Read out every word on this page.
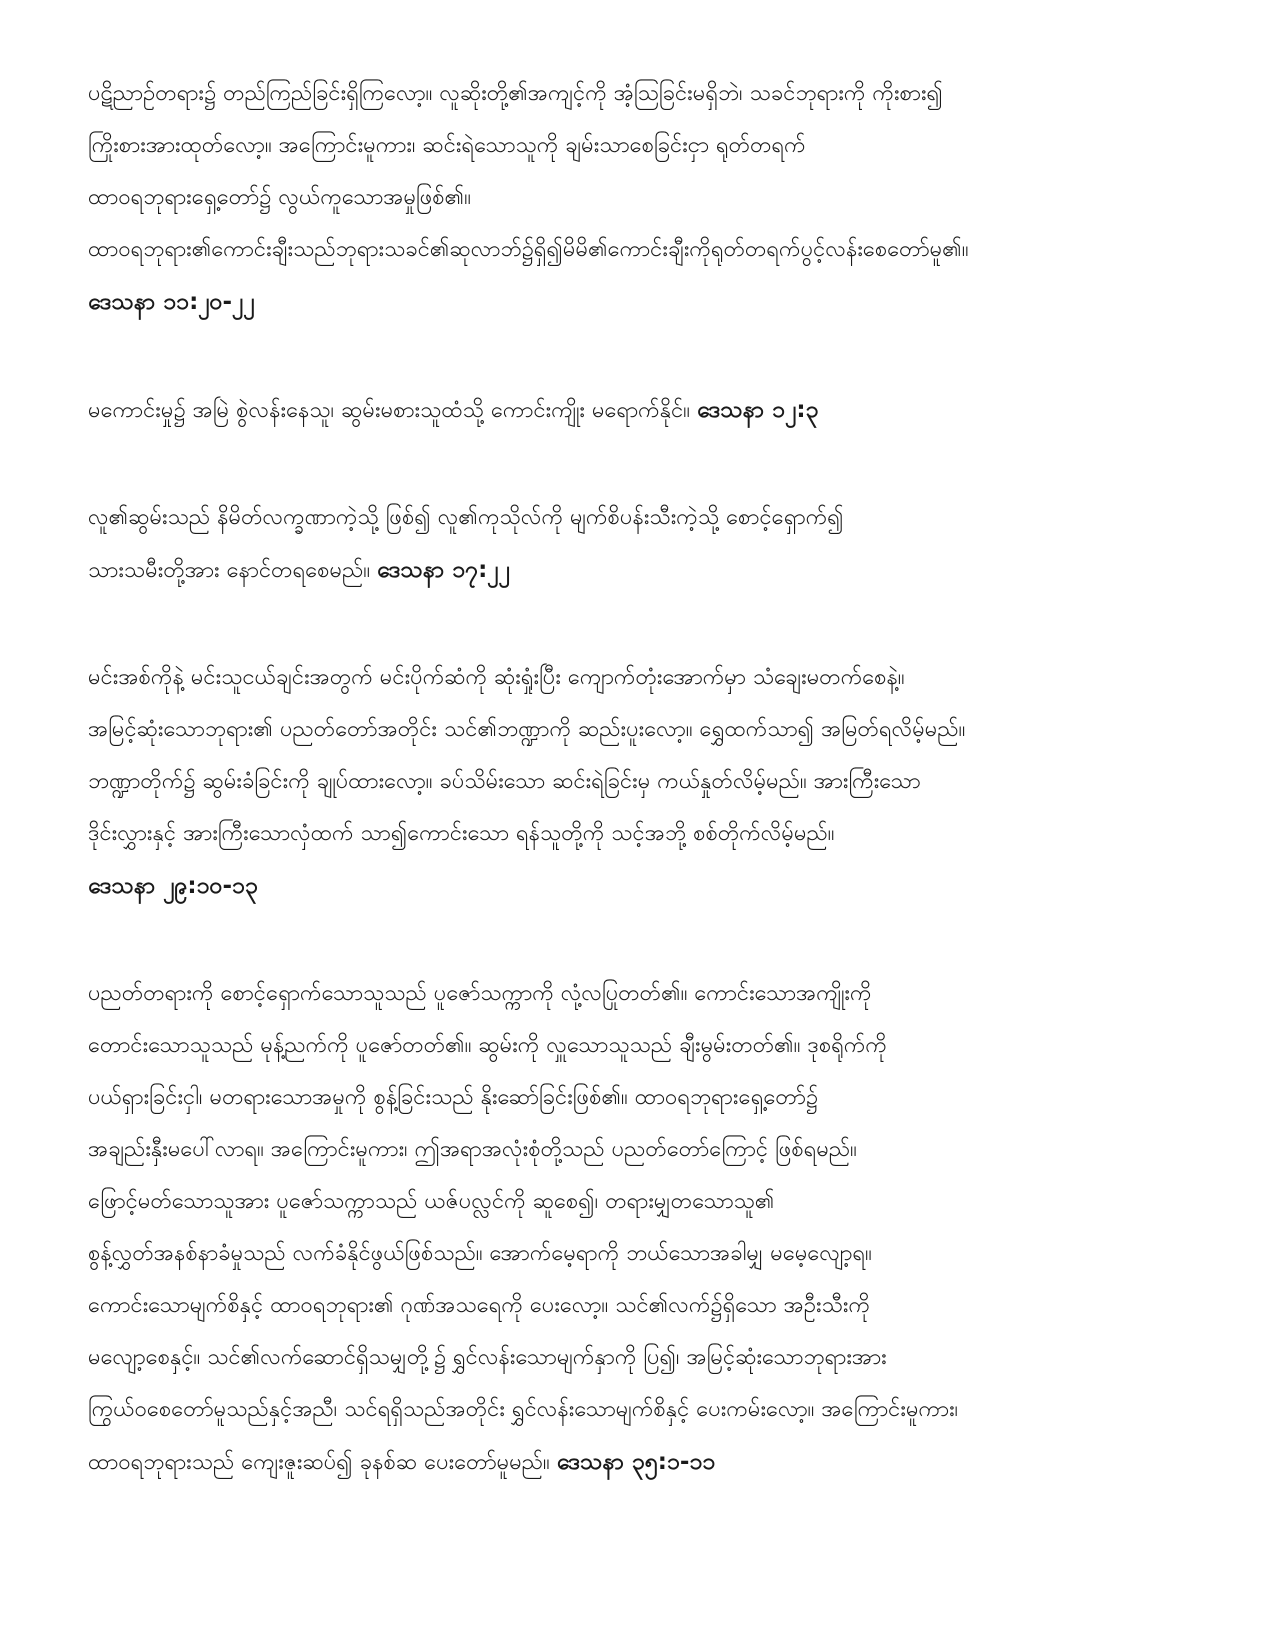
ပဋိညာဉ်တရား၌ တည်ကြည်ခြင်းရှိကြလော့။ လူဆိုးတို့၏အကျင့်ကို အံ့ဩခြင်းမရှိဘဲ၊ သခင်ဘုရားကို ကိုးစား၍
ကြိုးစားအားထုတ်လော့။ အကြောင်းမူကား၊ ဆင်းရဲသောသူကို ချမ်းသာစေခြင်းငှာ ရုတ်တရက်
ထာဝရဘုရားရှေ့တော်၌ လွယ်ကူသောအမှုဖြစ်၏။
ထာဝရဘုရား၏ကောင်းချီးသည်ဘုရားသခင်၏ဆုလာဘ်၌ရှိ၍မိမိ၏ကောင်းချီးကိုရုတ်တရက်ပွင့်လန်းစေတော်မူ၏။
ဒေသနာ ၁၁:၂၀-၂၂
မကောင်းမှု၌ အမြဲ စွဲလန်းနေသူ၊ ဆွမ်းမစားသူထံသို့ ကောင်းကျိုး မရောက်နိုင်။ ဒေသနာ ၁၂:၃
လူ၏ဆွမ်းသည် နိမိတ်လက္ခဏာကဲ့သို့ ဖြစ်၍ လူ၏ကုသိုလ်ကို မျက်စိပန်းသီးကဲ့သို့ စောင့်ရှောက်၍
သားသမီးတို့အား နောင်တရစေမည်။ ဒေသနာ ၁၇:၂၂
မင်းအစ်ကိုနဲ့ မင်းသူငယ်ချင်းအတွက် မင်းပိုက်ဆံကို ဆုံးရှုံးပြီး ကျောက်တုံးအောက်မှာ သံချေးမတက်စေနဲ့။
အမြင့်ဆုံးသောဘုရား၏ ပညတ်တော်အတိုင်း သင်၏ဘဏ္ဍာကို ဆည်းပူးလော့။ ရွှေထက်သာ၍ အမြတ်ရလိမ့်မည်။
ဘဏ္ဍာတိုက်၌ ဆွမ်းခံခြင်းကို ချုပ်ထားလော့။ ခပ်သိမ်းသော ဆင်းရဲခြင်းမှ ကယ်နှုတ်လိမ့်မည်။ အားကြီးသော
ဒိုင်းလွှားနှင့် အားကြီးသောလှံထက် သာ၍ကောင်းသော ရန်သူတို့ကို သင့်အဘို့ စစ်တိုက်လိမ့်မည်။
ဒေသနာ ၂၉:၁၀-၁၃
ပညတ်တရားကို စောင့်ရှောက်သောသူသည် ပူဇော်သက္ကာကို လုံ့လပြုတတ်၏။ ကောင်းသောအကျိုးကို
တောင်းသောသူသည် မုန့်ညက်ကို ပူဇော်တတ်၏။ ဆွမ်းကို လှူသောသူသည် ချီးမွမ်းတတ်၏။ ဒုစရိုက်ကို
ပယ်ရှားခြင်းငှါ၊ မတရားသောအမှုကို စွန့်ခြင်းသည် နိုးဆော်ခြင်းဖြစ်၏။ ထာဝရဘုရားရှေ့တော်၌
အချည်းနှီးမပေါ်လာရ။ အကြောင်းမူကား၊ ဤအရာအလုံးစုံတို့သည် ပညတ်တော်ကြောင့် ဖြစ်ရမည်။
ဖြောင့်မတ်သောသူအား ပူဇော်သက္ကာသည် ယဇ်ပလ္လင်ကို ဆူစေ၍၊ တရားမျှတသောသူ၏
စွန့်လွှတ်အနစ်နာခံမှုသည် လက်ခံနိုင်ဖွယ်ဖြစ်သည်။ အောက်မေ့ရာကို ဘယ်သောအခါမျှ မမေ့လျော့ရ။
ကောင်းသောမျက်စိနှင့် ထာဝရဘုရား၏ ဂုဏ်အသရေကို ပေးလော့။ သင်၏လက်၌ရှိသော အဦးသီးကို
မလျော့စေနှင့်။ သင်၏လက်ဆောင်ရှိသမျှတို့၌ ရွှင်လန်းသောမျက်နှာကို ပြ၍၊ အမြင့်ဆုံးသောဘုရားအား
ကြွယ်ဝစေတော်မူသည်နှင့်အညီ၊ သင်ရရှိသည်အတိုင်း ရွှင်လန်းသောမျက်စိနှင့် ပေးကမ်းလော့။ အကြောင်းမူကား၊
ထာဝရဘုရားသည် ကျေးဇူးဆပ်၍ ခုနစ်ဆ ပေးတော်မူမည်။ ဒေသနာ ၃၅:၁-၁၁
